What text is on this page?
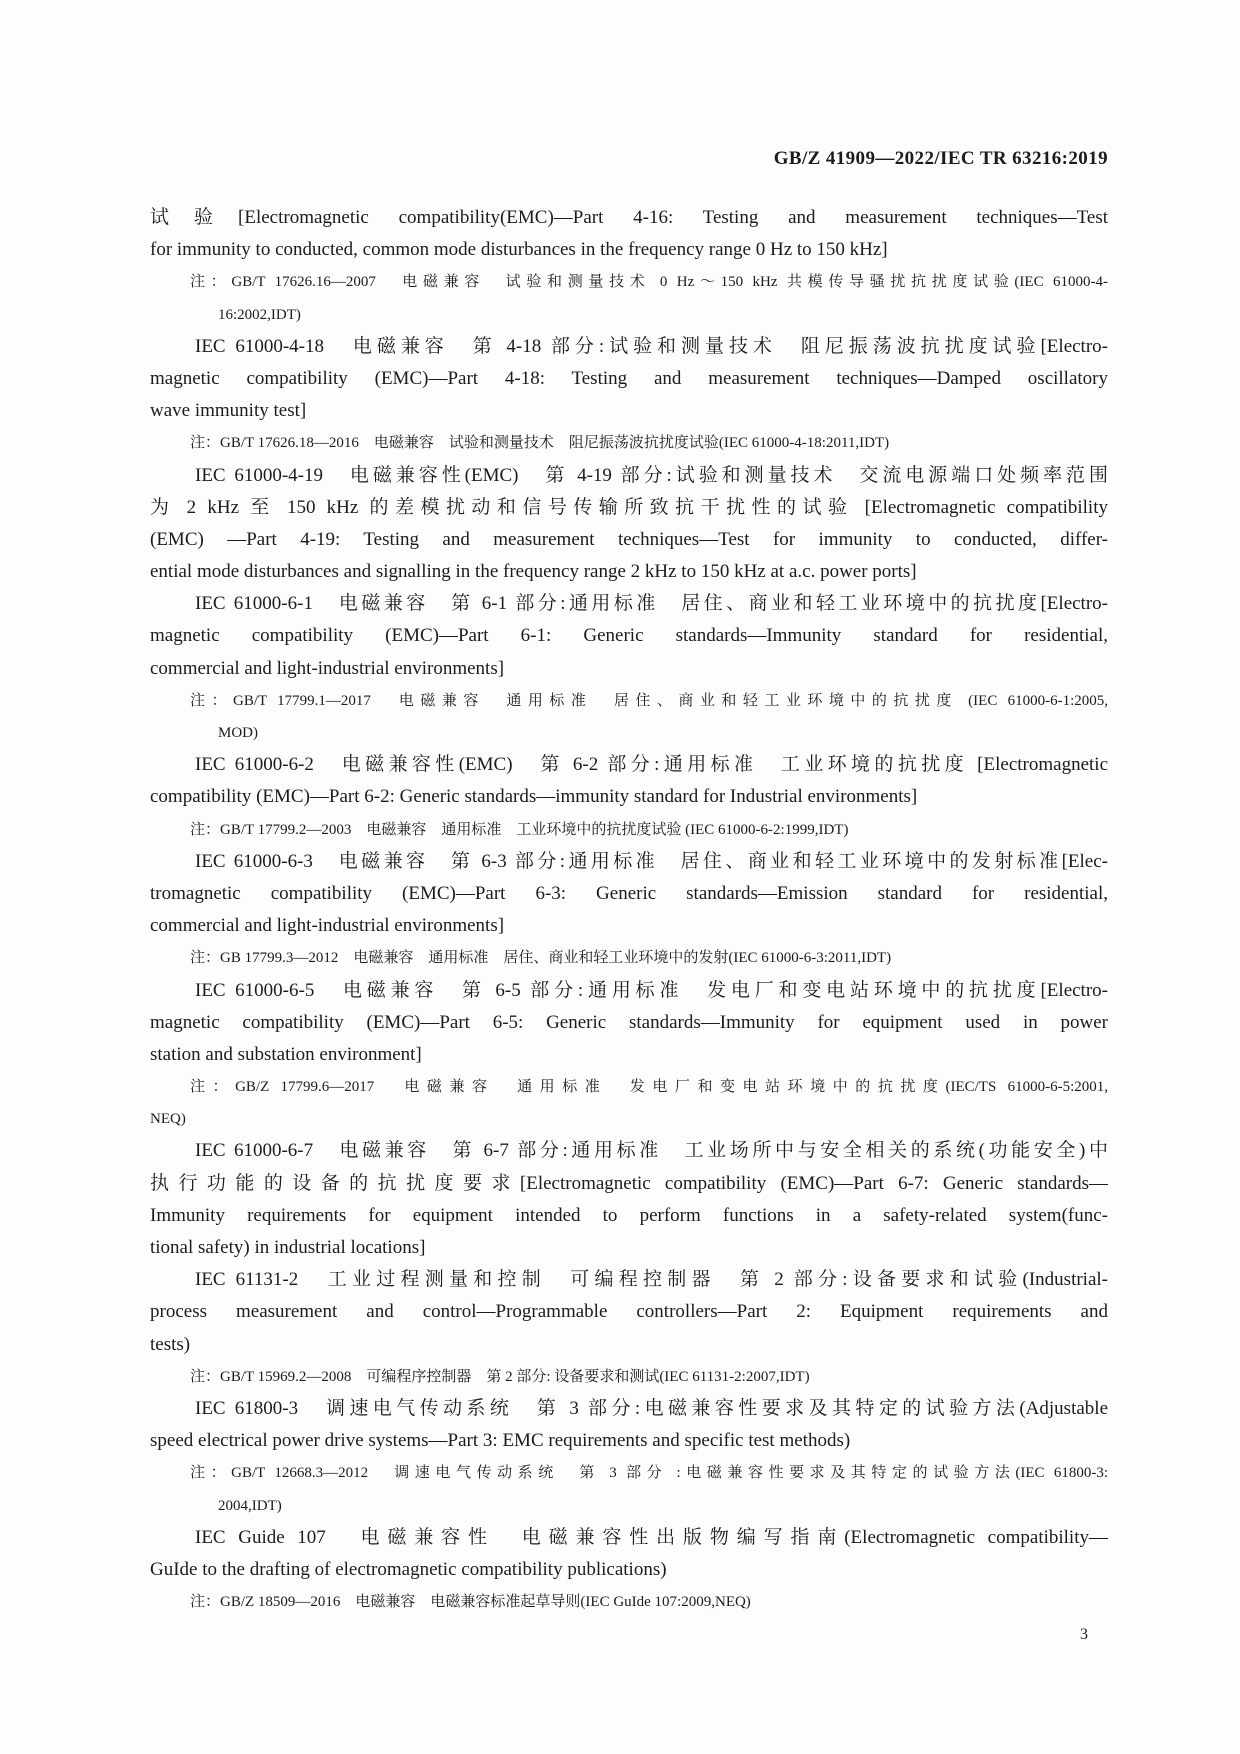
GB/Z 41909—2022/IEC TR 63216:2019
试验[Electromagnetic compatibility(EMC)—Part 4-16: Testing and measurement techniques—Test
for immunity to conducted, common mode disturbances in the frequency range 0 Hz to 150 kHz]
注：GB/T 17626.16—2007　电磁兼容　试验和测量技术 0 Hz～150 kHz 共模传导骚扰抗扰度试验(IEC 61000-4-
16:2002,IDT)
IEC 61000-4-18　电磁兼容　第 4-18 部分:试验和测量技术　阻尼振荡波抗扰度试验[Electro-
magnetic compatibility (EMC)—Part 4-18: Testing and measurement techniques—Damped oscillatory
wave immunity test]
注：GB/T 17626.18—2016　电磁兼容　试验和测量技术　阻尼振荡波抗扰度试验(IEC 61000-4-18:2011,IDT)
IEC 61000-4-19　电磁兼容性(EMC)　第 4-19 部分:试验和测量技术　交流电源端口处频率范围
为 2 kHz 至 150 kHz 的差模扰动和信号传输所致抗干扰性的试验 [Electromagnetic compatibility
(EMC) —Part 4-19: Testing and measurement techniques—Test for immunity to conducted, differ-
ential mode disturbances and signalling in the frequency range 2 kHz to 150 kHz at a.c. power ports]
IEC 61000-6-1　电磁兼容　第 6-1 部分:通用标准　居住、商业和轻工业环境中的抗扰度[Electro-
magnetic compatibility (EMC)—Part 6-1: Generic standards—Immunity standard for residential,
commercial and light-industrial environments]
注：GB/T 17799.1—2017　电磁兼容　通用标准　居住、商业和轻工业环境中的抗扰度 (IEC 61000-6-1:2005,
MOD)
IEC 61000-6-2　电磁兼容性(EMC)　第 6-2 部分:通用标准　工业环境的抗扰度 [Electromagnetic
compatibility (EMC)—Part 6-2: Generic standards—immunity standard for Industrial environments]
注：GB/T 17799.2—2003　电磁兼容　通用标准　工业环境中的抗扰度试验 (IEC 61000-6-2:1999,IDT)
IEC 61000-6-3　电磁兼容　第 6-3 部分:通用标准　居住、商业和轻工业环境中的发射标准[Elec-
tromagnetic compatibility (EMC)—Part 6-3: Generic standards—Emission standard for residential,
commercial and light-industrial environments]
注：GB 17799.3—2012　电磁兼容　通用标准　居住、商业和轻工业环境中的发射(IEC 61000-6-3:2011,IDT)
IEC 61000-6-5　电磁兼容　第 6-5 部分:通用标准　发电厂和变电站环境中的抗扰度[Electro-
magnetic compatibility (EMC)—Part 6-5: Generic standards—Immunity for equipment used in power
station and substation environment]
注：GB/Z 17799.6—2017　电磁兼容　通用标准　发电厂和变电站环境中的抗扰度(IEC/TS 61000-6-5:2001,
NEQ)
IEC 61000-6-7　电磁兼容　第 6-7 部分:通用标准　工业场所中与安全相关的系统(功能安全)中
执行功能的设备的抗扰度要求[Electromagnetic compatibility (EMC)—Part 6-7: Generic standards—
Immunity requirements for equipment intended to perform functions in a safety-related system(func-
tional safety) in industrial locations]
IEC 61131-2　工业过程测量和控制　可编程控制器　第 2 部分:设备要求和试验(Industrial-
process measurement and control—Programmable controllers—Part 2: Equipment requirements and
tests)
注：GB/T 15969.2—2008　可编程序控制器　第 2 部分: 设备要求和测试(IEC 61131-2:2007,IDT)
IEC 61800-3　调速电气传动系统　第 3 部分:电磁兼容性要求及其特定的试验方法(Adjustable
speed electrical power drive systems—Part 3: EMC requirements and specific test methods)
注：GB/T 12668.3—2012　调速电气传动系统　第 3 部分 :电磁兼容性要求及其特定的试验方法(IEC 61800-3:
2004,IDT)
IEC Guide 107　电磁兼容性　电磁兼容性出版物编写指南(Electromagnetic compatibility—
GuIde to the drafting of electromagnetic compatibility publications)
注：GB/Z 18509—2016　电磁兼容　电磁兼容标准起草导则(IEC GuIde 107:2009,NEQ)
3
